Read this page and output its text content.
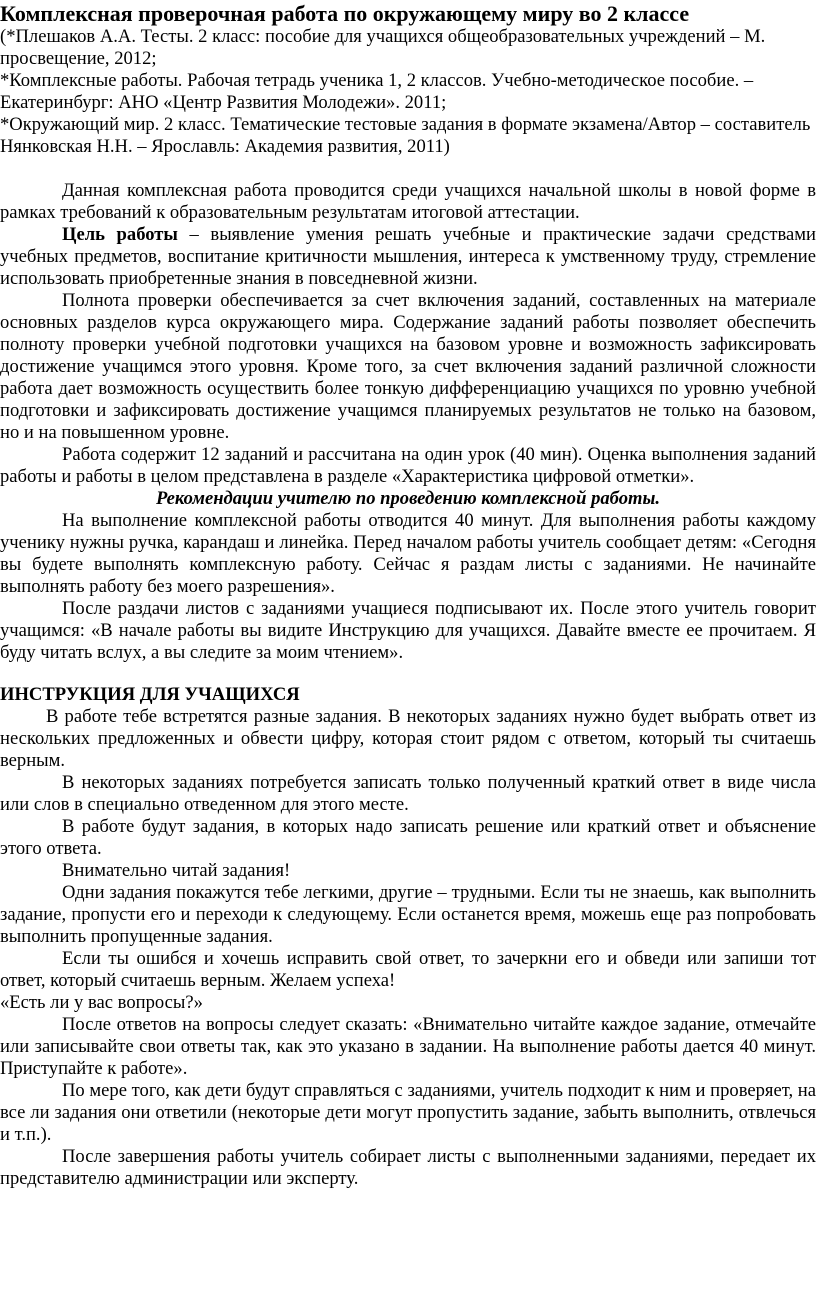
Комплексная проверочная работа по окружающему миру во 2 классе

(*Плешаков А.А. Тесты. 2 класс: пособие для учащихся общеобразовательных учреждений – М. просвещение, 2012;

*Комплексные работы. Рабочая тетрадь ученика 1, 2 классов. Учебно-методическое пособие. – Екатеринбург: АНО «Центр Развития Молодежи». 2011;

*Окружающий мир. 2 класс. Тематические тестовые задания в формате экзамена/Автор – составитель Нянковская Н.Н. – Ярославль: Академия развития, 2011)

Данная комплексная работа проводится среди учащихся начальной школы в новой форме в рамках требований к образовательным результатам итоговой аттестации.

Цель работы – выявление умения решать учебные и практические задачи средствами учебных предметов, воспитание критичности мышления, интереса к умственному труду, стремление использовать приобретенные знания в повседневной жизни.

Полнота проверки обеспечивается за счет включения заданий, составленных на материале основных разделов курса окружающего мира. Содержание заданий работы позволяет обеспечить полноту проверки учебной подготовки учащихся на базовом уровне и возможность зафиксировать достижение учащимся этого уровня. Кроме того, за счет включения заданий различной сложности работа дает возможность осуществить более тонкую дифференциацию учащихся по уровню учебной подготовки и зафиксировать достижение учащимся планируемых результатов не только на базовом, но и на повышенном уровне.

Работа содержит 12 заданий и рассчитана на один урок (40 мин). Оценка выполнения заданий работы и работы в целом представлена в разделе «Характеристика цифровой отметки».

Рекомендации учителю по проведению комплексной работы.

На выполнение комплексной работы отводится 40 минут. Для выполнения работы каждому ученику нужны ручка, карандаш и линейка. Перед началом работы учитель сообщает детям: «Сегодня вы будете выполнять комплексную работу. Сейчас я раздам листы с заданиями. Не начинайте выполнять работу без моего разрешения».

После раздачи листов с заданиями учащиеся подписывают их. После этого учитель говорит учащимся: «В начале работы вы видите Инструкцию для учащихся. Давайте вместе ее прочитаем. Я буду читать вслух, а вы следите за моим чтением».

ИНСТРУКЦИЯ ДЛЯ УЧАЩИХСЯ

В работе тебе встретятся разные задания. В некоторых заданиях нужно будет выбрать ответ из нескольких предложенных и обвести цифру, которая стоит рядом с ответом, который ты считаешь верным.

В некоторых заданиях потребуется записать только полученный краткий ответ в виде числа или слов в специально отведенном для этого месте.

В работе будут задания, в которых надо записать решение или краткий ответ и объяснение этого ответа.

Внимательно читай задания!

Одни задания покажутся тебе легкими, другие – трудными. Если ты не знаешь, как выполнить задание, пропусти его и переходи к следующему. Если останется время, можешь еще раз попробовать выполнить пропущенные задания.

Если ты ошибся и хочешь исправить свой ответ, то зачеркни его и обведи или запиши тот ответ, который считаешь верным. Желаем успеха!

«Есть ли у вас вопросы?»

После ответов на вопросы следует сказать: «Внимательно читайте каждое задание, отмечайте или записывайте свои ответы так, как это указано в задании. На выполнение работы дается 40 минут. Приступайте к работе».

По мере того, как дети будут справляться с заданиями, учитель подходит к ним и проверяет, на все ли задания они ответили (некоторые дети могут пропустить задание, забыть выполнить, отвлечься и т.п.).

После завершения работы учитель собирает листы с выполненными заданиями, передает их представителю администрации или эксперту.
